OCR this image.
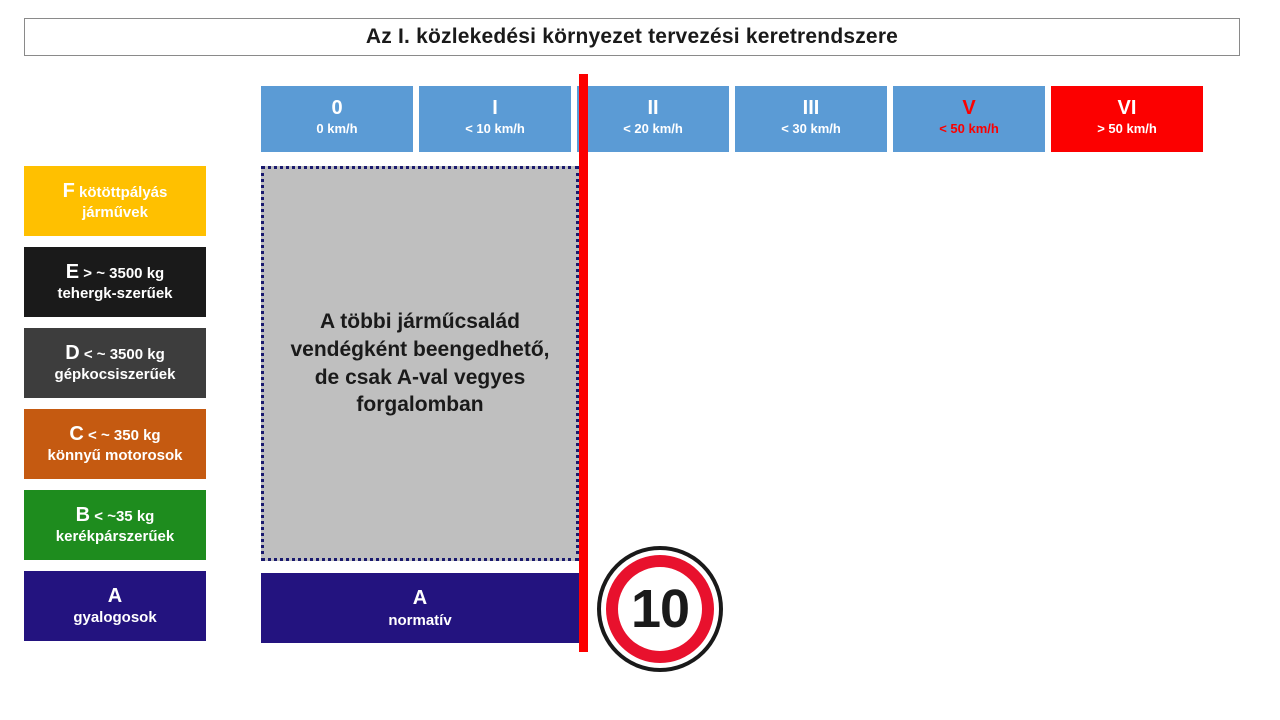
Az I. közlekedési környezet tervezési keretrendszere
0
0 km/h
I
< 10 km/h
II
< 20 km/h
III
< 30 km/h
V
< 50 km/h
VI
> 50 km/h
F kötöttpályás
járművek
E > ~ 3500 kg
tehergk-szerűek
D < ~ 3500 kg
gépkocsiszerűek
C < ~ 350 kg
könnyű motorosok
B < ~35 kg
kerékpárszerűek
A
gyalogosok
A többi járműcsalád vendégként beengedhető, de csak A-val vegyes forgalomban
A
normatív	10
